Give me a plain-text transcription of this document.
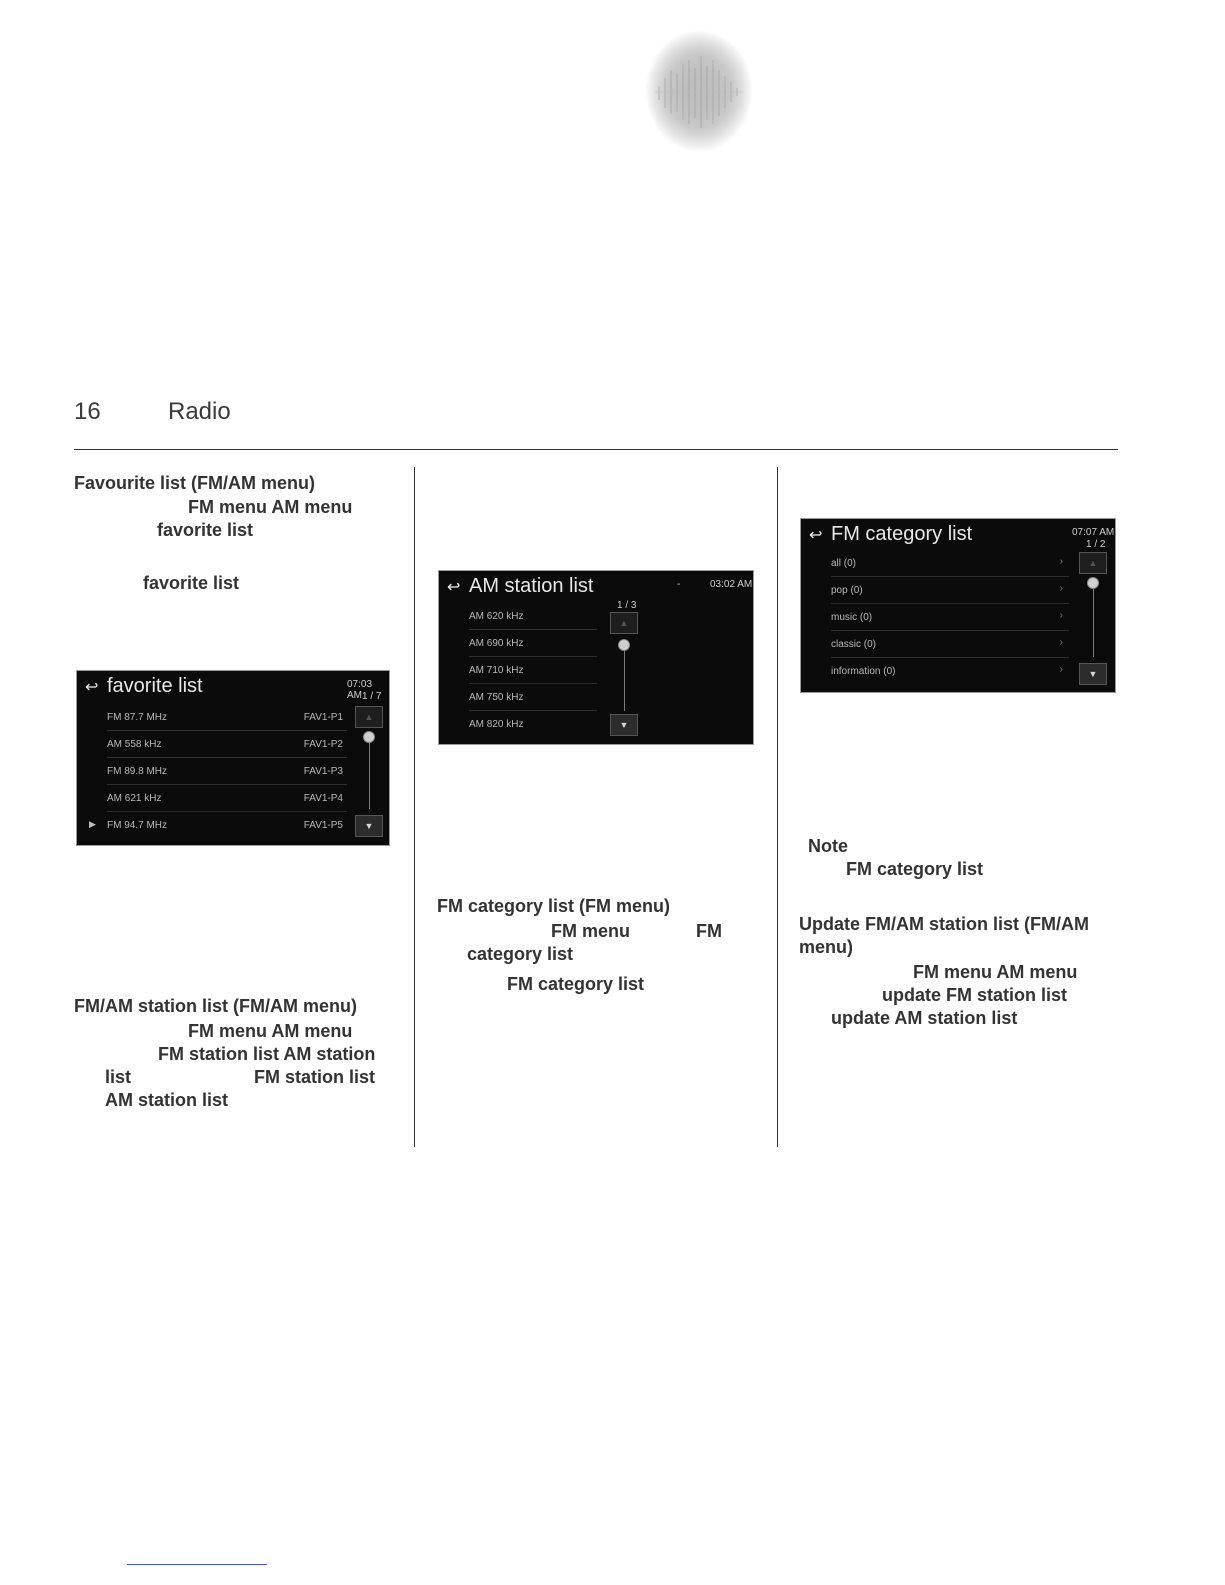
16	Radio
Favourite list (FM/AM menu)
FM menu AM menu
favorite list
favorite list
FM/AM station list (FM/AM menu)
FM menu AM menu
FM station list AM station
list	FM station list
AM station list
FM category list (FM menu)
FM menu	FM
category list
FM category list
Note
FM category list
Update FM/AM station list (FM/AM
menu)
FM menu AM menu
update FM station list
update AM station list
↩ favorite list	07:03 AM 1 / 7
FM 87.7 MHz	FAV1-P1
AM 558 kHz	FAV1-P2
FM 89.8 MHz	FAV1-P3
AM 621 kHz	FAV1-P4
▶ FM 94.7 MHz	FAV1-P5
▲
▼
↩ AM station list	-	03:02 AM
1 / 3
AM 620 kHz
AM 690 kHz
AM 710 kHz
AM 750 kHz
AM 820 kHz
▲
▼
↩ FM category list	07:07 AM
1 / 2
all (0)	›
pop (0)	›
music (0)	›
classic (0)	›
information (0)	›
▲
▼
